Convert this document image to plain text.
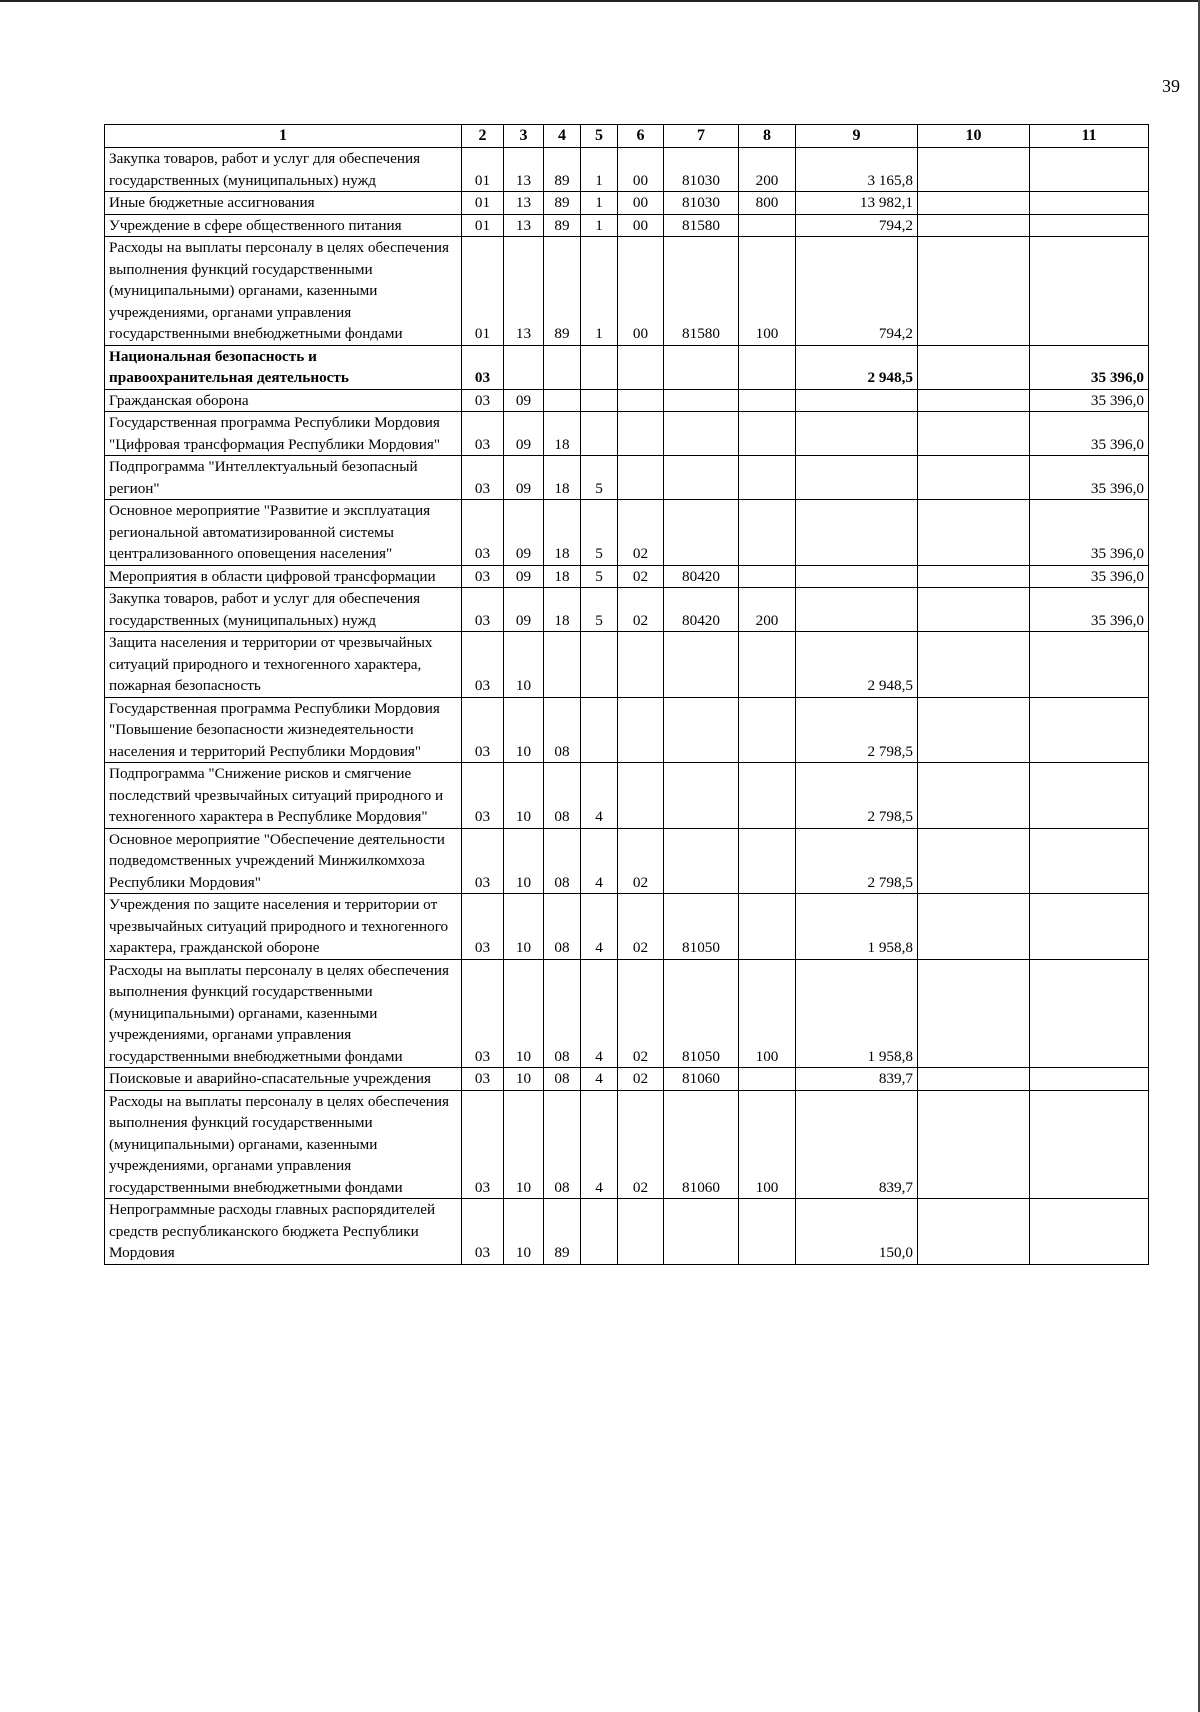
39
1	2	3	4	5	6	7	8	9	10	11
Закупка товаров, работ и услуг для обеспечения государственных (муниципальных) нужд	01	13	89	1	00	81030	200	3 165,8		
Иные бюджетные ассигнования	01	13	89	1	00	81030	800	13 982,1		
Учреждение в сфере общественного питания	01	13	89	1	00	81580		794,2		
Расходы на выплаты персоналу в целях обеспечения выполнения функций государственными (муниципальными) органами, казенными учреждениями, органами управления государственными внебюджетными фондами	01	13	89	1	00	81580	100	794,2		
Национальная безопасность и правоохранительная деятельность	03							2 948,5		35 396,0
Гражданская оборона	03	09								35 396,0
Государственная программа Республики Мордовия "Цифровая трансформация Республики Мордовия"	03	09	18							35 396,0
Подпрограмма "Интеллектуальный безопасный регион"	03	09	18	5						35 396,0
Основное мероприятие "Развитие и эксплуатация региональной автоматизированной системы централизованного оповещения населения"	03	09	18	5	02					35 396,0
Мероприятия в области цифровой трансформации	03	09	18	5	02	80420				35 396,0
Закупка товаров, работ и услуг для обеспечения государственных (муниципальных) нужд	03	09	18	5	02	80420	200			35 396,0
Защита населения и территории от чрезвычайных ситуаций природного и техногенного характера, пожарная безопасность	03	10						2 948,5		
Государственная программа Республики Мордовия "Повышение безопасности жизнедеятельности населения и территорий Республики Мордовия"	03	10	08					2 798,5		
Подпрограмма "Снижение рисков и смягчение последствий чрезвычайных ситуаций природного и техногенного характера в Республике Мордовия"	03	10	08	4				2 798,5		
Основное мероприятие "Обеспечение деятельности подведомственных учреждений Минжилкомхоза Республики Мордовия"	03	10	08	4	02			2 798,5		
Учреждения по защите населения и территории от чрезвычайных ситуаций природного и техногенного характера, гражданской обороне	03	10	08	4	02	81050		1 958,8		
Расходы на выплаты персоналу в целях обеспечения выполнения функций государственными (муниципальными) органами, казенными учреждениями, органами управления государственными внебюджетными фондами	03	10	08	4	02	81050	100	1 958,8		
Поисковые и аварийно-спасательные учреждения	03	10	08	4	02	81060		839,7		
Расходы на выплаты персоналу в целях обеспечения выполнения функций государственными (муниципальными) органами, казенными учреждениями, органами управления государственными внебюджетными фондами	03	10	08	4	02	81060	100	839,7		
Непрограммные расходы главных распорядителей средств республиканского бюджета Республики Мордовия	03	10	89					150,0		
